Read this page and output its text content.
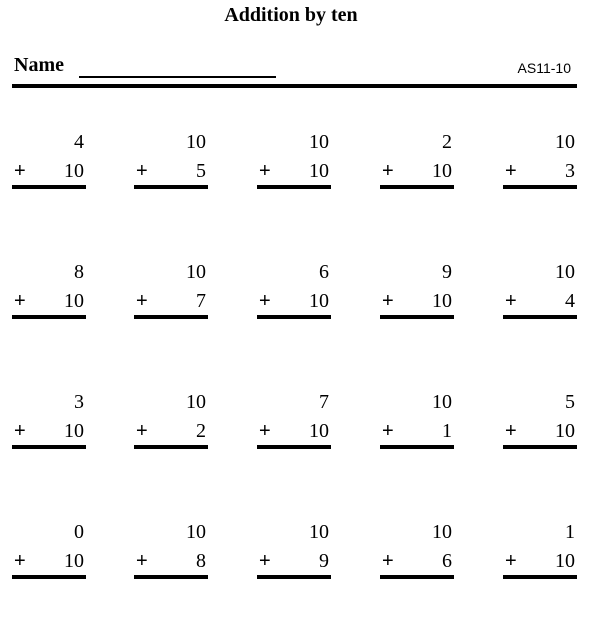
Addition by ten
Name	AS11-10
4
+ 10
10
+ 5
10
+ 10
2
+ 10
10
+ 3
8
+ 10
10
+ 7
6
+ 10
9
+ 10
10
+ 4
3
+ 10
10
+ 2
7
+ 10
10
+ 1
5
+ 10
0
+ 10
10
+ 8
10
+ 9
10
+ 6
1
+ 10
